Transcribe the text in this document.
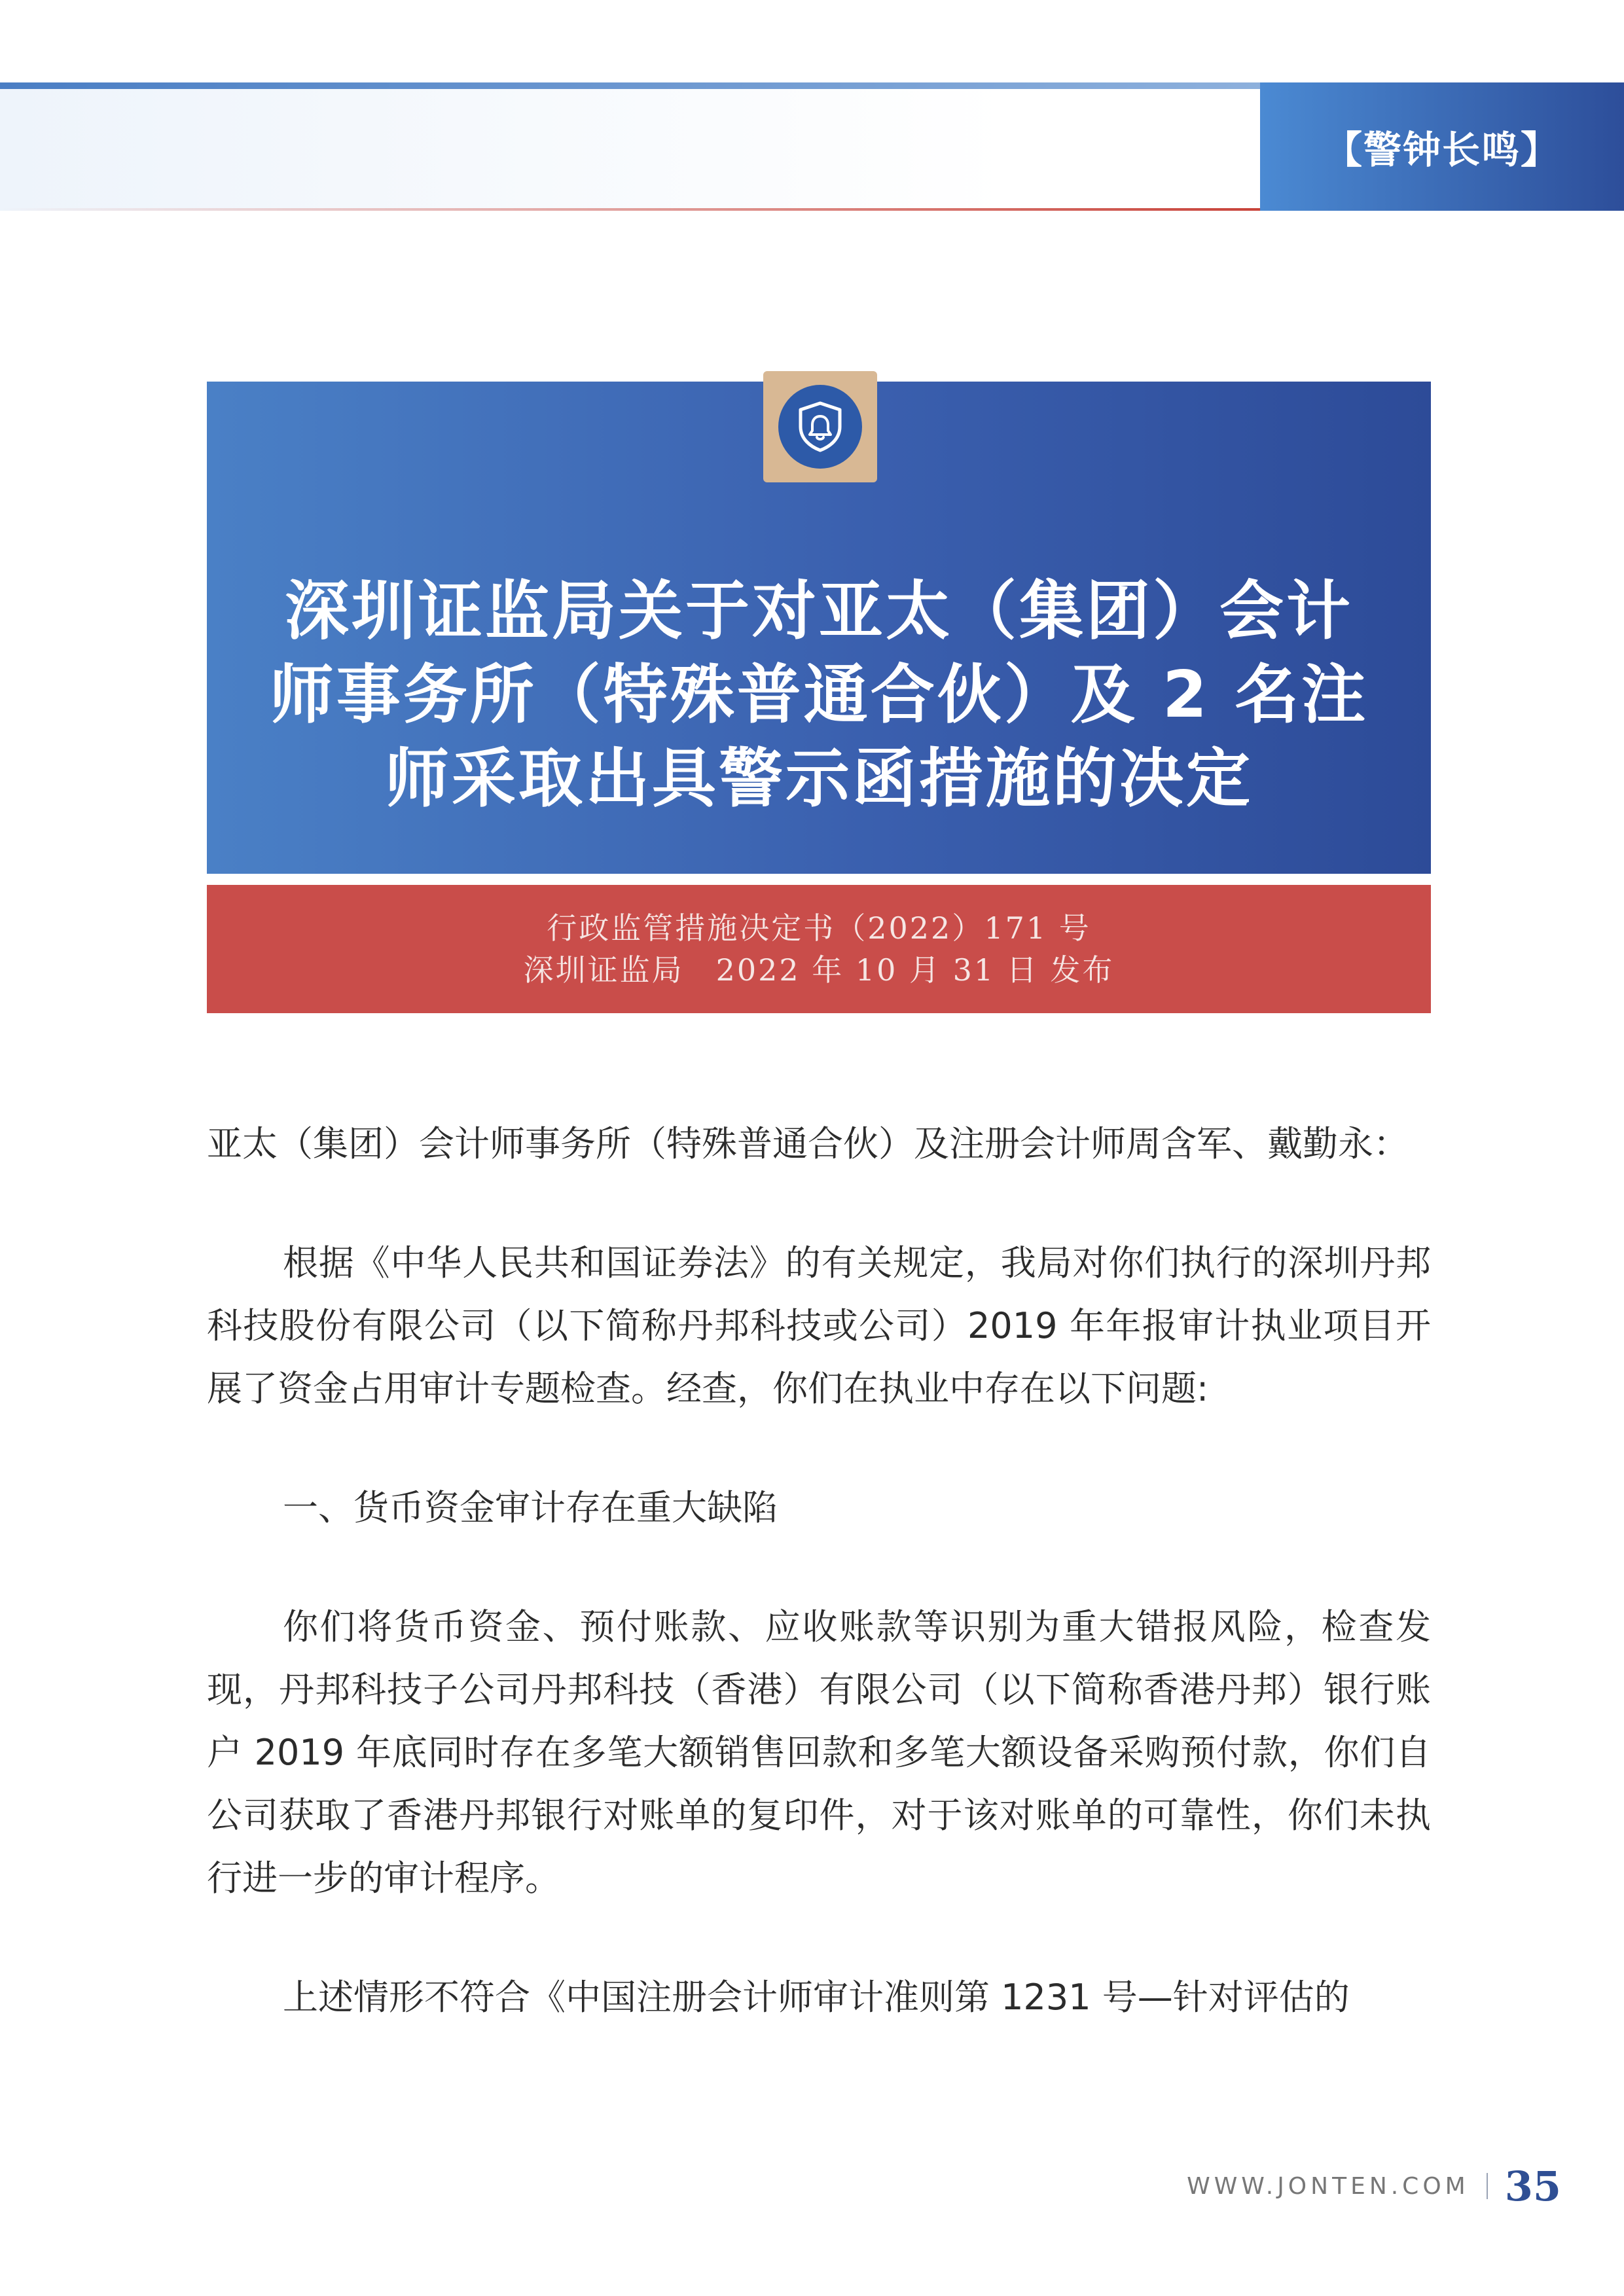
【警钟长鸣】
深圳证监局关于对亚太（集团）会计
师事务所（特殊普通合伙）及 2 名注
师采取出具警示函措施的决定
行政监管措施决定书（2022）171 号
深圳证监局　2022 年 10 月 31 日 发布

亚太（集团）会计师事务所（特殊普通合伙）及注册会计师周含军、戴勤永：

根据《中华人民共和国证券法》的有关规定，我局对你们执行的深圳丹邦科技股份有限公司（以下简称丹邦科技或公司）2019 年年报审计执业项目开展了资金占用审计专题检查。经查，你们在执业中存在以下问题:

一、货币资金审计存在重大缺陷

你们将货币资金、预付账款、应收账款等识别为重大错报风险，检查发现，丹邦科技子公司丹邦科技（香港）有限公司（以下简称香港丹邦）银行账户 2019 年底同时存在多笔大额销售回款和多笔大额设备采购预付款，你们自公司获取了香港丹邦银行对账单的复印件，对于该对账单的可靠性，你们未执行进一步的审计程序。

上述情形不符合《中国注册会计师审计准则第 1231 号—针对评估的

WWW.JONTEN.COM 35
